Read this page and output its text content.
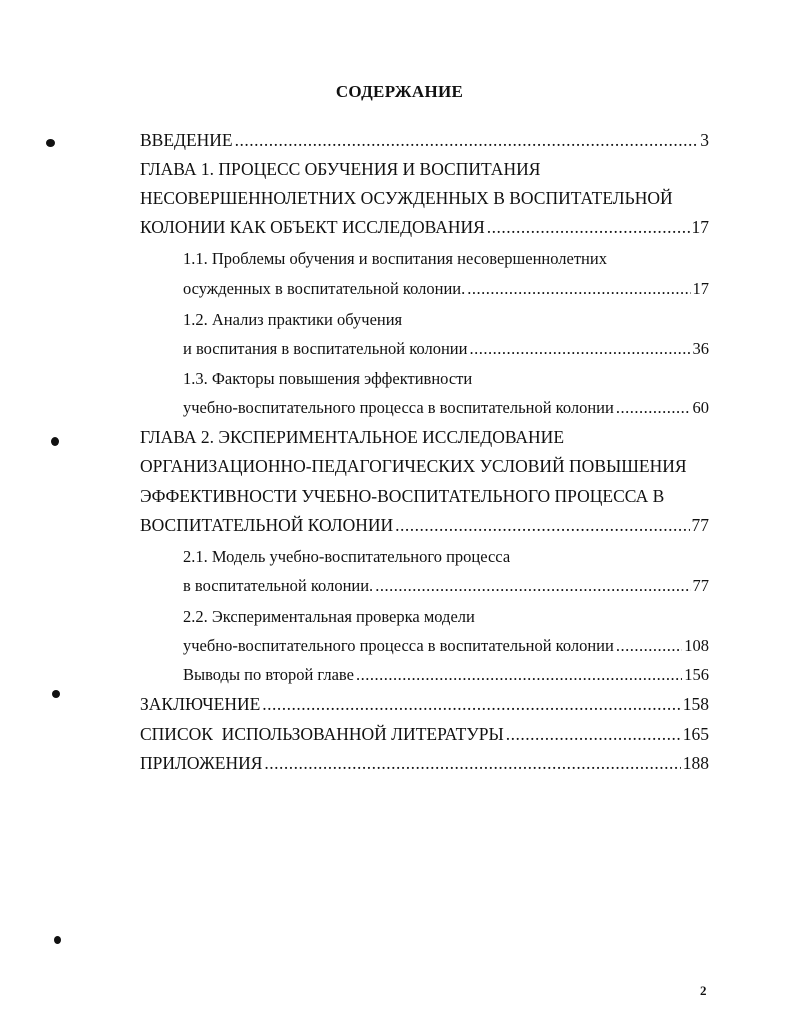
СОДЕРЖАНИЕ
ВВЕДЕНИЕ .....	3
ГЛАВА 1. ПРОЦЕСС ОБУЧЕНИЯ И ВОСПИТАНИЯ
НЕСОВЕРШЕННОЛЕТНИХ ОСУЖДЕННЫХ В ВОСПИТАТЕЛЬНОЙ
КОЛОНИИ КАК ОБЪЕКТ ИССЛЕДОВАНИЯ .....	17
1.1. Проблемы обучения и воспитания несовершеннолетних
осужденных в воспитательной колонии. .....	17
1.2. Анализ практики обучения
и воспитания в воспитательной колонии .....	36
1.3. Факторы повышения эффективности
учебно-воспитательного процесса в воспитательной колонии .....	60
ГЛАВА 2. ЭКСПЕРИМЕНТАЛЬНОЕ ИССЛЕДОВАНИЕ
ОРГАНИЗАЦИОННО-ПЕДАГОГИЧЕСКИХ УСЛОВИЙ ПОВЫШЕНИЯ
ЭФФЕКТИВНОСТИ УЧЕБНО-ВОСПИТАТЕЛЬНОГО ПРОЦЕССА В
ВОСПИТАТЕЛЬНОЙ КОЛОНИИ .....	77
2.1. Модель учебно-воспитательного процесса
в воспитательной колонии. .....	77
2.2. Экспериментальная проверка модели
учебно-воспитательного процесса в воспитательной колонии .....	108
Выводы по второй главе .....	156
ЗАКЛЮЧЕНИЕ .....	158
СПИСОК  ИСПОЛЬЗОВАННОЙ ЛИТЕРАТУРЫ .....	165
ПРИЛОЖЕНИЯ .....	188
2
